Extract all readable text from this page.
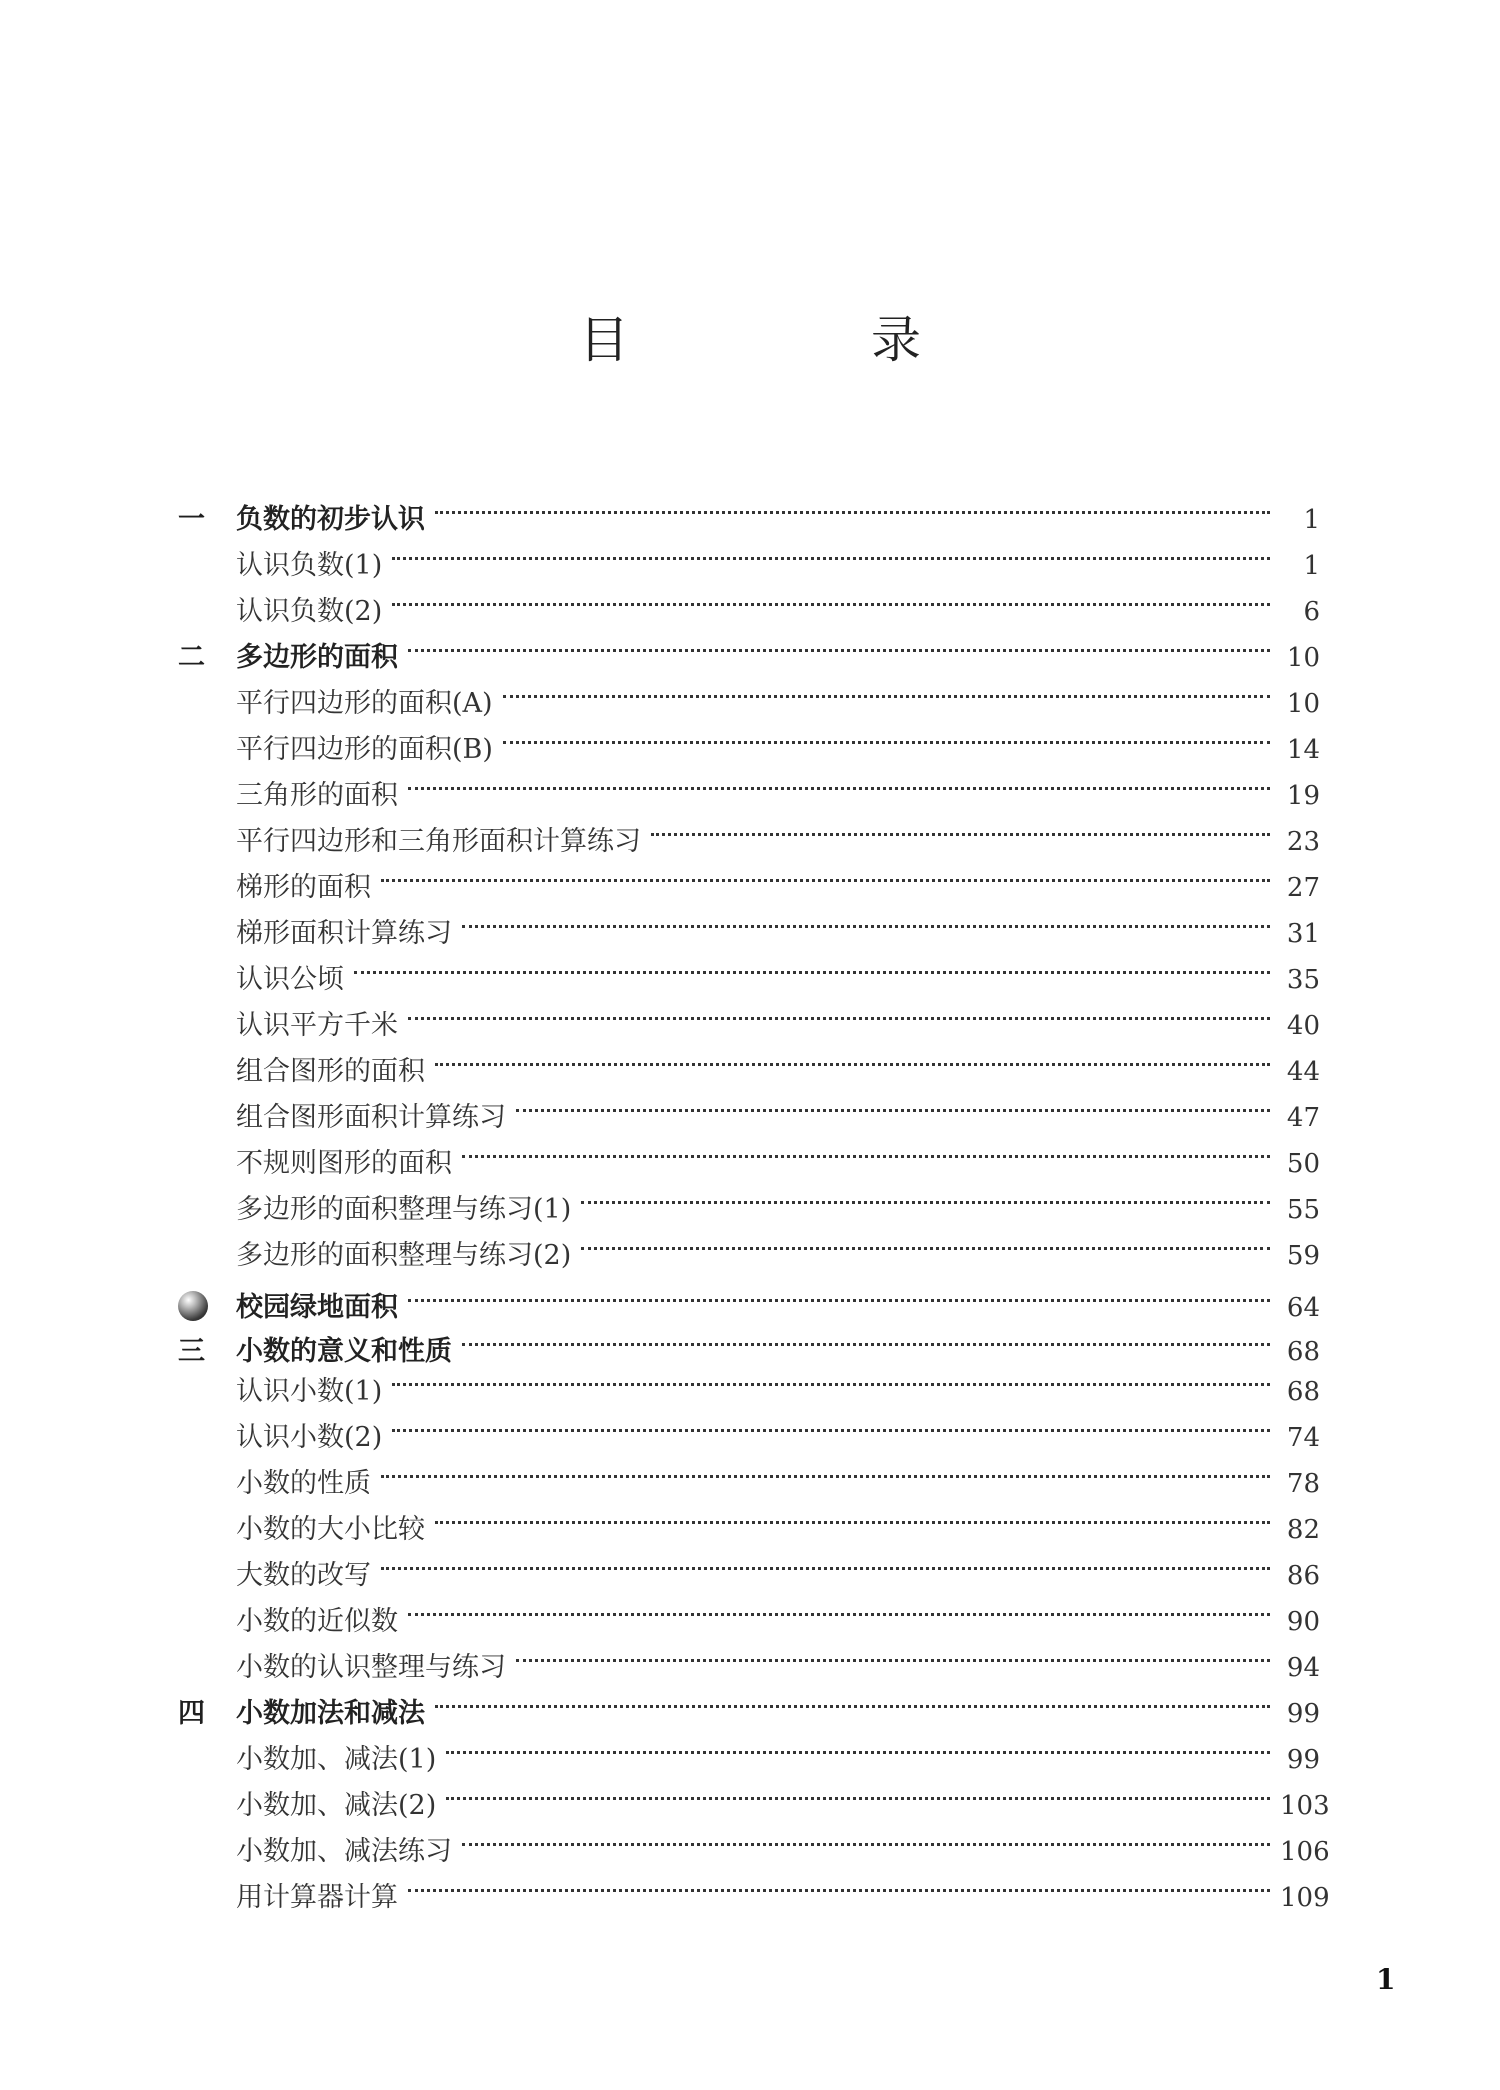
目　录
一	负数的初步认识	1
认识负数(1)	1
认识负数(2)	6
二	多边形的面积	10
平行四边形的面积(A)	10
平行四边形的面积(B)	14
三角形的面积	19
平行四边形和三角形面积计算练习	23
梯形的面积	27
梯形面积计算练习	31
认识公顷	35
认识平方千米	40
组合图形的面积	44
组合图形面积计算练习	47
不规则图形的面积	50
多边形的面积整理与练习(1)	55
多边形的面积整理与练习(2)	59
校园绿地面积	64
三	小数的意义和性质	68
认识小数(1)	68
认识小数(2)	74
小数的性质	78
小数的大小比较	82
大数的改写	86
小数的近似数	90
小数的认识整理与练习	94
四	小数加法和减法	99
小数加、减法(1)	99
小数加、减法(2)	103
小数加、减法练习	106
用计算器计算	109
1
